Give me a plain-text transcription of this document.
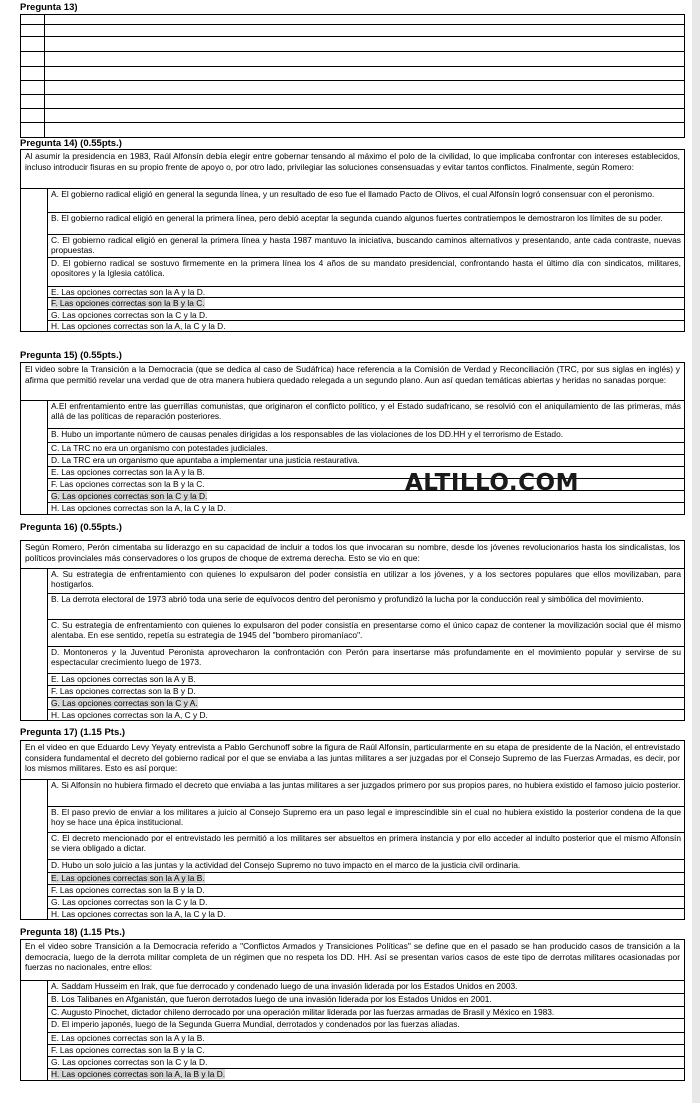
Pregunta 13)
Pregunta 14) (0.55pts.)
Al asumir la presidencia en 1983, Raúl Alfonsín debía elegir entre gobernar tensando al máximo el polo de la civilidad, lo que implicaba confrontar con intereses establecidos, incluso introducir fisuras en su propio frente de apoyo o, por otro lado, privilegiar las soluciones consensuadas y evitar tantos conflictos. Finalmente, según Romero:
A. El gobierno radical eligió en general la segunda línea, y un resultado de eso fue el llamado Pacto de Olivos, el cual Alfonsín logró consensuar con el peronismo.
B. El gobierno radical eligió en general la primera línea, pero debió aceptar la segunda cuando algunos fuertes contratiempos le demostraron los límites de su poder.
C. El gobierno radical eligió en general la primera línea y hasta 1987 mantuvo la iniciativa, buscando caminos alternativos y presentando, ante cada contraste, nuevas propuestas.
D. El gobierno radical se sostuvo firmemente en la primera línea los 4 años de su mandato presidencial, confrontando hasta el último día con sindicatos, militares, opositores y la Iglesia católica.
E. Las opciones correctas son la A y la D.
F. Las opciones correctas son la B y la C.
G. Las opciones correctas son la C y la D.
H. Las opciones correctas son la A, la C y la D.
Pregunta 15) (0.55pts.)
El video sobre la Transición a la Democracia (que se dedica al caso de Sudáfrica) hace referencia a la Comisión de Verdad y Reconciliación (TRC, por sus siglas en inglés) y afirma que permitió revelar una verdad que de otra manera hubiera quedado relegada a un segundo plano. Aun así quedan temáticas abiertas y heridas no sanadas porque:
A.El enfrentamiento entre las guerrillas comunistas, que originaron el conflicto político, y el Estado sudafricano, se resolvió con el aniquilamiento de las primeras, más allá de las políticas de reparación posteriores.
B. Hubo un importante número de causas penales dirigidas a los responsables de las violaciones de los DD.HH y el terrorismo de Estado.
C. La TRC no era un organismo con potestades judiciales.
D. La TRC era un organismo que apuntaba a implementar una justicia restaurativa.
E. Las opciones correctas son la A y la B.
F. Las opciones correctas son la B y la C.
G. Las opciones correctas son la C y la D.
H. Las opciones correctas son la A, la C y la D.
ALTILLO.COM
Pregunta 16) (0.55pts.)
Según Romero, Perón cimentaba su liderazgo en su capacidad de incluir a todos los que invocaran su nombre, desde los jóvenes revolucionarios hasta los sindicalistas, los políticos provinciales más conservadores o los grupos de choque de extrema derecha. Esto se vio en que:
A. Su estrategia de enfrentamiento con quienes lo expulsaron del poder consistía en utilizar a los jóvenes, y a los sectores populares que ellos movilizaban, para hostigarlos.
B. La derrota electoral de 1973 abrió toda una serie de equívocos dentro del peronismo y profundizó la lucha por la conducción real y simbólica del movimiento.
C. Su estrategia de enfrentamiento con quienes lo expulsaron del poder consistía en presentarse como el único capaz de contener la movilización social que él mismo alentaba. En ese sentido, repetía su estrategia de 1945 del "bombero piromaníaco".
D. Montoneros y la Juventud Peronista aprovecharon la confrontación con Perón para insertarse más profundamente en el movimiento popular y servirse de su espectacular crecimiento luego de 1973.
E. Las opciones correctas son la A y B.
F. Las opciones correctas son la B y D.
G. Las opciones correctas son la C y A.
H. Las opciones correctas son la A, C y D.
Pregunta 17) (1.15 Pts.)
En el video en que Eduardo Levy Yeyaty entrevista a Pablo Gerchunoff sobre la figura de Raúl Alfonsín, particularmente en su etapa de presidente de la Nación, el entrevistado considera fundamental el decreto del gobierno radical por el que se enviaba a las juntas militares a ser juzgadas por el Consejo Supremo de las Fuerzas Armadas, es decir, por los mismos militares. Esto es así porque:
A. Si Alfonsín no hubiera firmado el decreto que enviaba a las juntas militares a ser juzgados primero por sus propios pares, no hubiera existido el famoso juicio posterior.
B. El paso previo de enviar a los militares a juicio al Consejo Supremo era un paso legal e imprescindible sin el cual no hubiera existido la posterior condena de la que hoy se hace una épica institucional.
C. El decreto mencionado por el entrevistado les permitió a los militares ser absueltos en primera instancia y por ello acceder al indulto posterior que el mismo Alfonsín se viera obligado a dictar.
D. Hubo un solo juicio a las juntas y la actividad del Consejo Supremo no tuvo impacto en el marco de la justicia civil ordinaria.
E. Las opciones correctas son la A y la B.
F. Las opciones correctas son la B y la D.
G. Las opciones correctas son la C y la D.
H. Las opciones correctas son la A, la C y la D.
Pregunta 18) (1.15 Pts.)
En el video sobre Transición a la Democracia referido a "Conflictos Armados y Transiciones Políticas" se define que en el pasado se han producido casos de transición a la democracia, luego de la derrota militar completa de un régimen que no respeta los DD. HH. Así se presentan varios casos de este tipo de derrotas militares ocasionadas por fuerzas no nacionales, entre ellos:
A. Saddam Husseim en Irak, que fue derrocado y condenado luego de una invasión liderada por los Estados Unidos en 2003.
B. Los Talibanes en Afganistán, que fueron derrotados luego de una invasión liderada por los Estados Unidos en 2001.
C. Augusto Pinochet, dictador chileno derrocado por una operación militar liderada por las fuerzas armadas de Brasil y México en 1983.
D. El imperio japonés, luego de la Segunda Guerra Mundial, derrotados y condenados por las fuerzas aliadas.
E. Las opciones correctas son la A y la B.
F. Las opciones correctas son la B y la C.
G. Las opciones correctas son la C y la D.
H. Las opciones correctas son la A, la B y la D.
